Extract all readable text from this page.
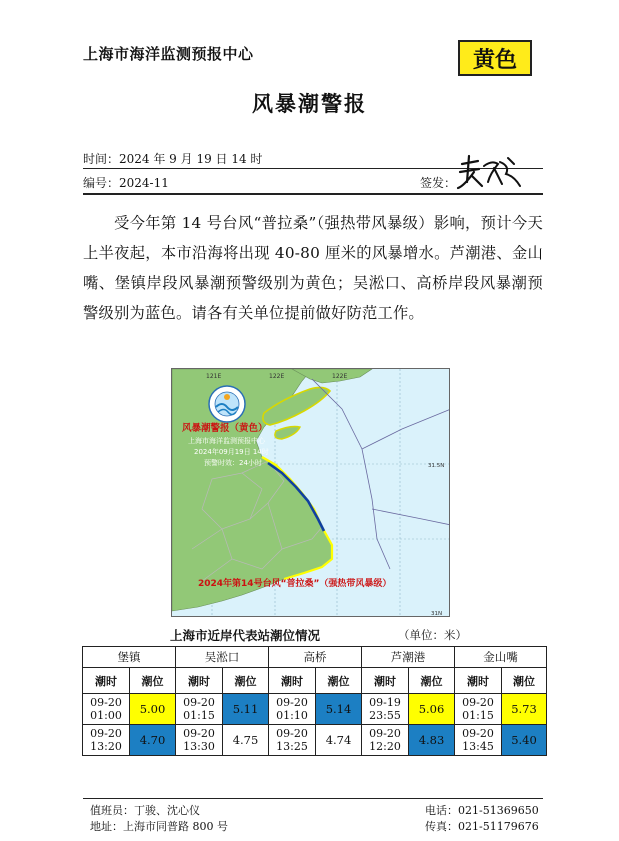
上海市海洋监测预报中心	黄色
风暴潮警报
时间：2024 年 9 月 19 日 14 时
编号：2024-11	签发：

受今年第 14 号台风“普拉桑”（强热带风暴级）影响，预计今天上半夜起，本市沿海将出现 40-80 厘米的风暴增水。芦潮港、金山嘴、堡镇岸段风暴潮预警级别为黄色；吴淞口、高桥岸段风暴潮预警级别为蓝色。请各有关单位提前做好防范工作。

121E	122E	122E
31.5N
31N
风暴潮警报（黄色）
上海市海洋监测预报中心
2024年09月19日 14时
预警时效：24小时
2024年第14号台风“普拉桑”（强热带风暴级）
上海市近岸代表站潮位情况	（单位：米）
堡镇		吴淞口		高桥		芦潮港		金山嘴	
潮时	潮位	潮时	潮位	潮时	潮位	潮时	潮位	潮时	潮位
09-20 01:00	5.00	09-20 01:15	5.11	09-20 01:10	5.14	09-19 23:55	5.06	09-20 01:15	5.73
09-20 13:20	4.70	09-20 13:30	4.75	09-20 13:25	4.74	09-20 12:20	4.83	09-20 13:45	5.40
值班员：丁骏、沈心仪
地址：上海市同普路 800 号
电话：021-51369650
传真：021-51179676
